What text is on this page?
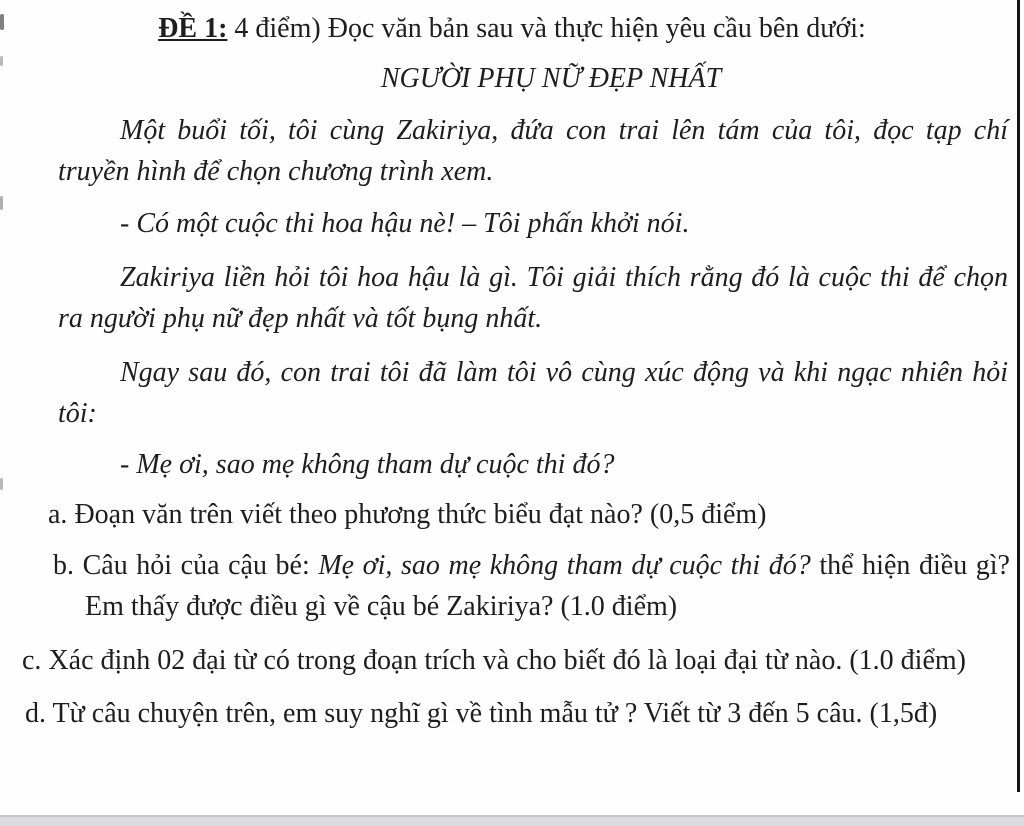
ĐỀ 1: 4 điểm) Đọc văn bản sau và thực hiện yêu cầu bên dưới:

NGƯỜI PHỤ NỮ ĐẸP NHẤT

Một buổi tối, tôi cùng Zakiriya, đứa con trai lên tám của tôi, đọc tạp chí truyền hình để chọn chương trình xem.

- Có một cuộc thi hoa hậu nè! – Tôi phấn khởi nói.

Zakiriya liền hỏi tôi hoa hậu là gì. Tôi giải thích rằng đó là cuộc thi để chọn ra người phụ nữ đẹp nhất và tốt bụng nhất.

Ngay sau đó, con trai tôi đã làm tôi vô cùng xúc động và khi ngạc nhiên hỏi tôi:

- Mẹ ơi, sao mẹ không tham dự cuộc thi đó?

a. Đoạn văn trên viết theo phương thức biểu đạt nào? (0,5 điểm)

b. Câu hỏi của cậu bé: Mẹ ơi, sao mẹ không tham dự cuộc thi đó? thể hiện điều gì? Em thấy được điều gì về cậu bé Zakiriya? (1.0 điểm)

c. Xác định 02 đại từ có trong đoạn trích và cho biết đó là loại đại từ nào. (1.0 điểm)

d. Từ câu chuyện trên, em suy nghĩ gì về tình mẫu tử ? Viết từ 3 đến 5 câu. (1,5đ)
